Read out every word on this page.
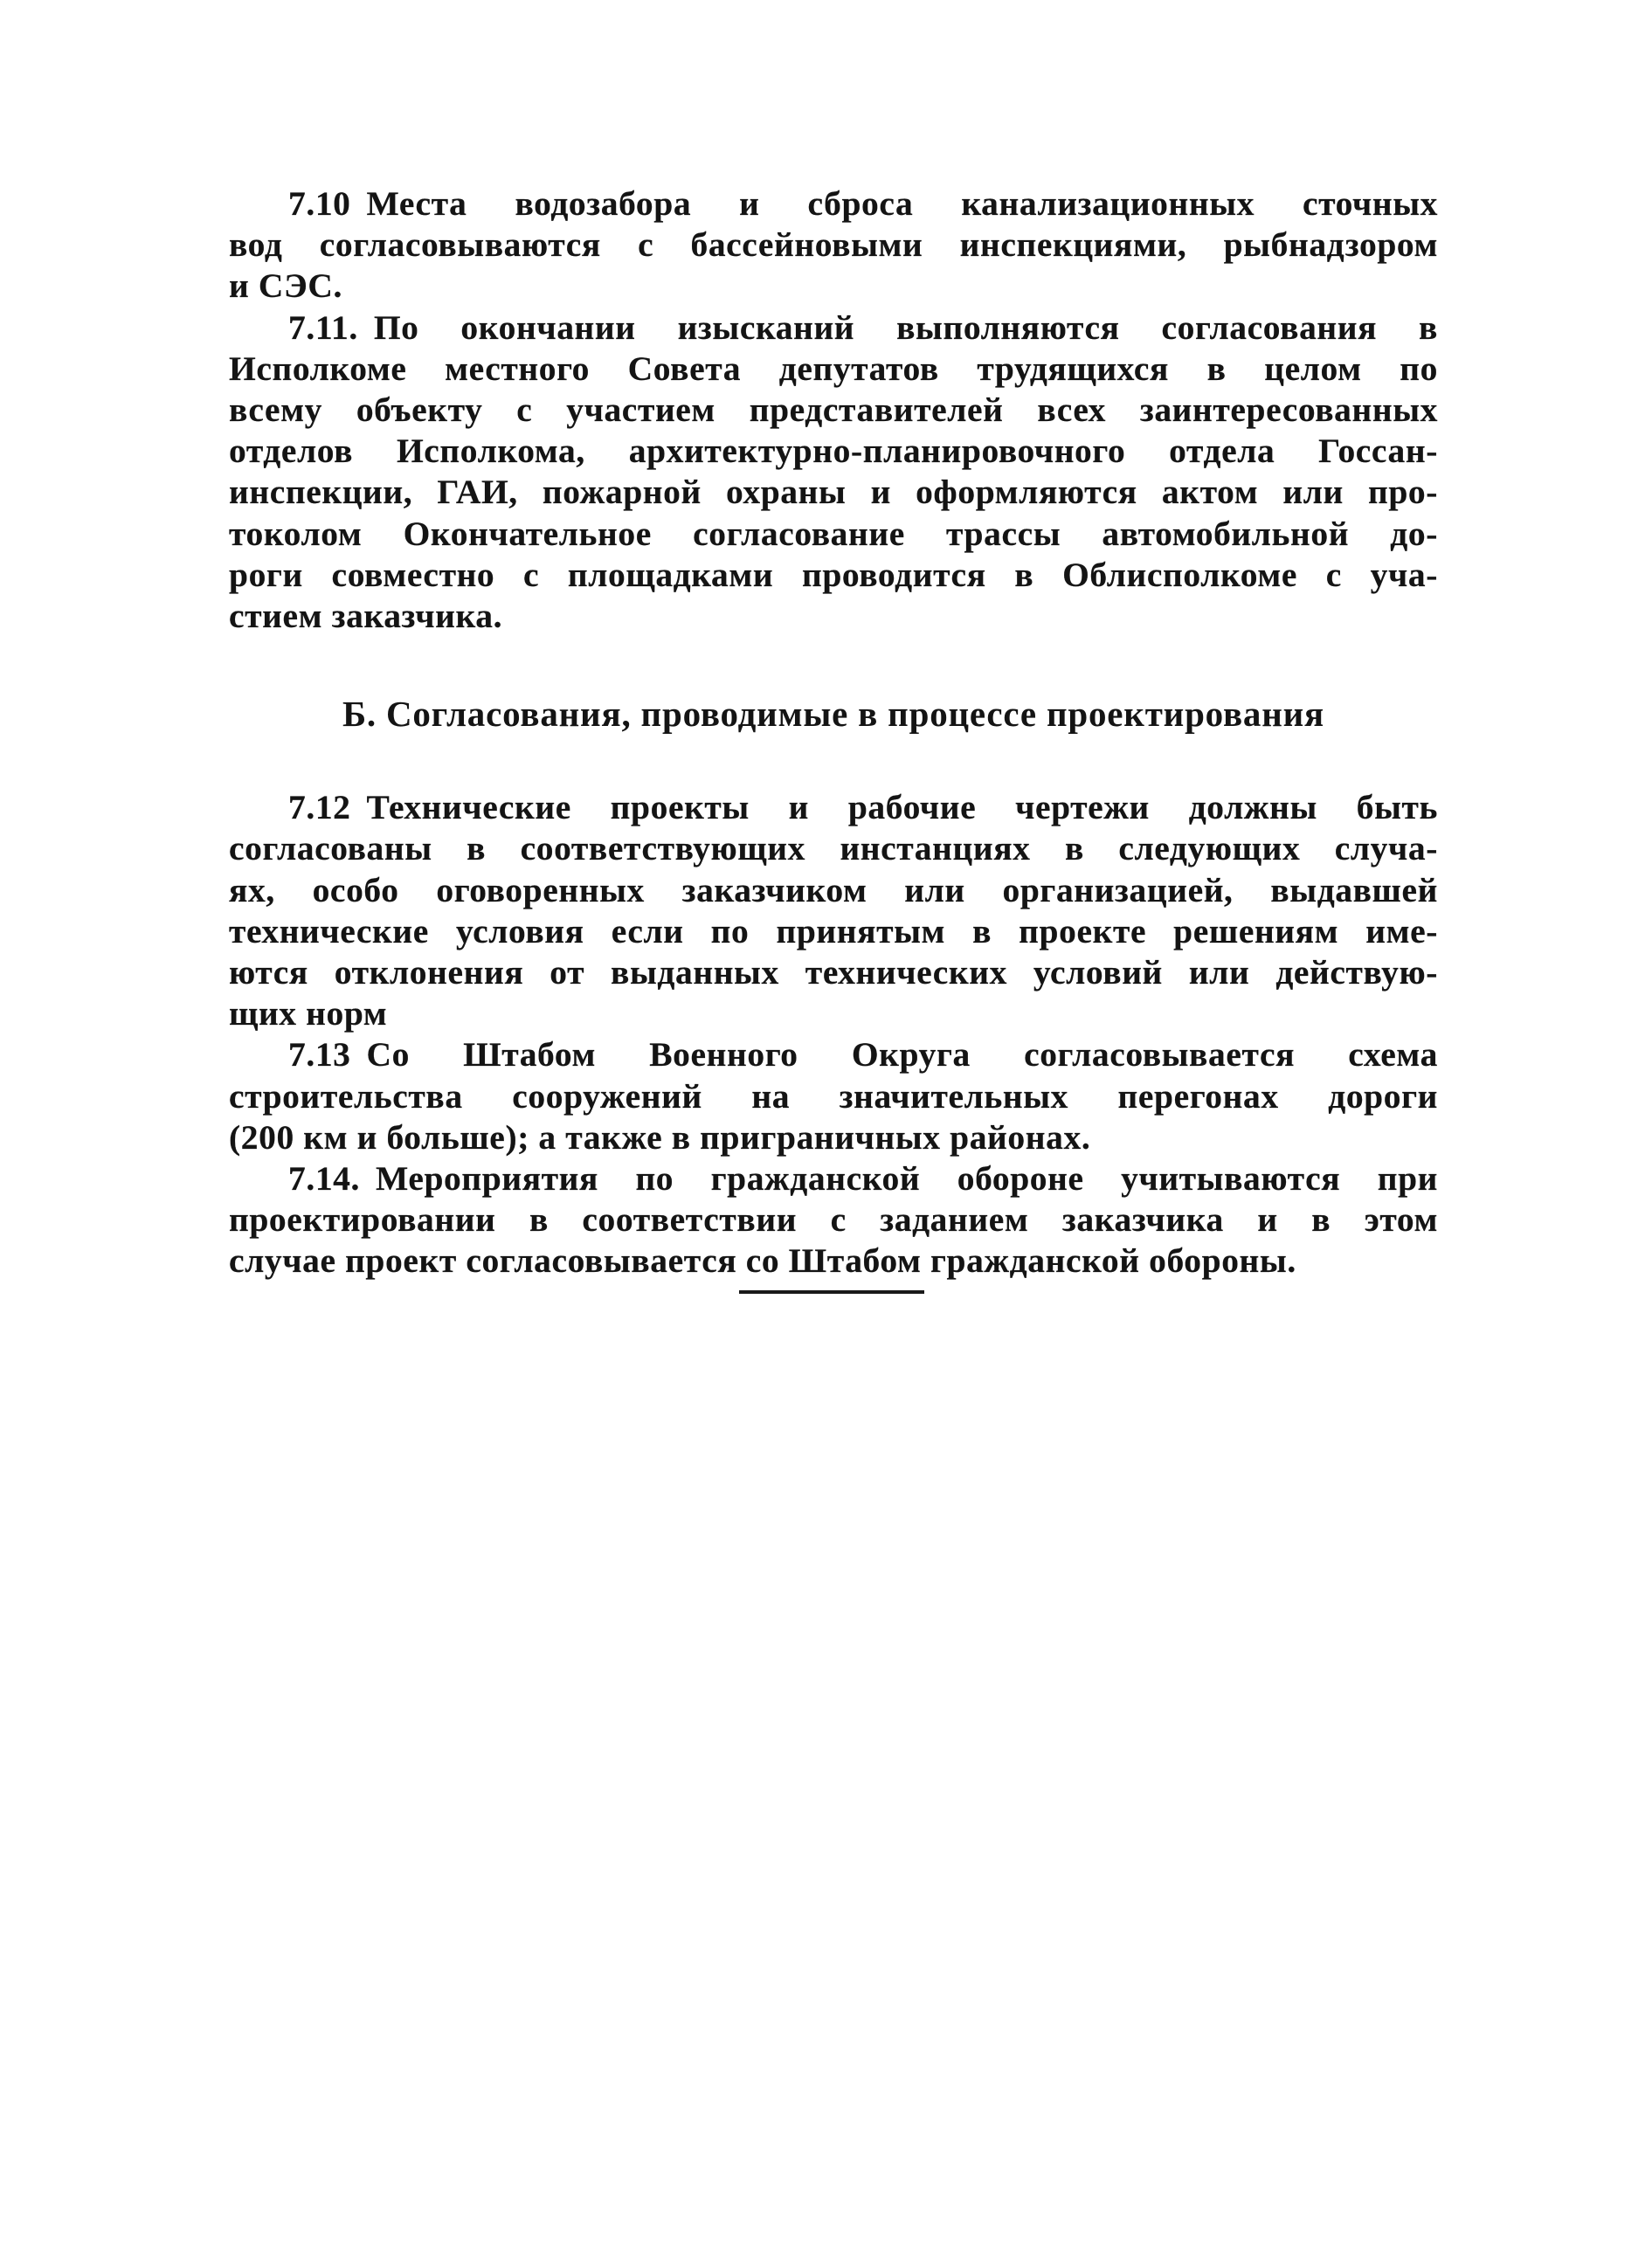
7.10 Места водозабора и сброса канализационных сточных
вод согласовываются с бассейновыми инспекциями, рыбнадзором
и СЭС.

7.11. По окончании изысканий выполняются согласования в
Исполкоме местного Совета депутатов трудящихся в целом по
всему объекту с участием представителей всех заинтересованных
отделов Исполкома, архитектурно-планировочного отдела Госсан-
инспекции, ГАИ, пожарной охраны и оформляются актом или про-
токолом Окончательное согласование трассы автомобильной до-
роги совместно с площадками проводится в Облисполкоме с уча-
стием заказчика.

Б. Согласования, проводимые в процессе проектирования

7.12 Технические проекты и рабочие чертежи должны быть
согласованы в соответствующих инстанциях в следующих случа-
ях, особо оговоренных заказчиком или организацией, выдавшей
технические условия если по принятым в проекте решениям име-
ются отклонения от выданных технических условий или действую-
щих норм

7.13 Со Штабом Военного Округа согласовывается схема
строительства сооружений на значительных перегонах дороги
(200 км и больше); а также в приграничных районах.

7.14. Мероприятия по гражданской обороне учитываются при
проектировании в соответствии с заданием заказчика и в этом
случае проект согласовывается со Штабом гражданской обороны.
